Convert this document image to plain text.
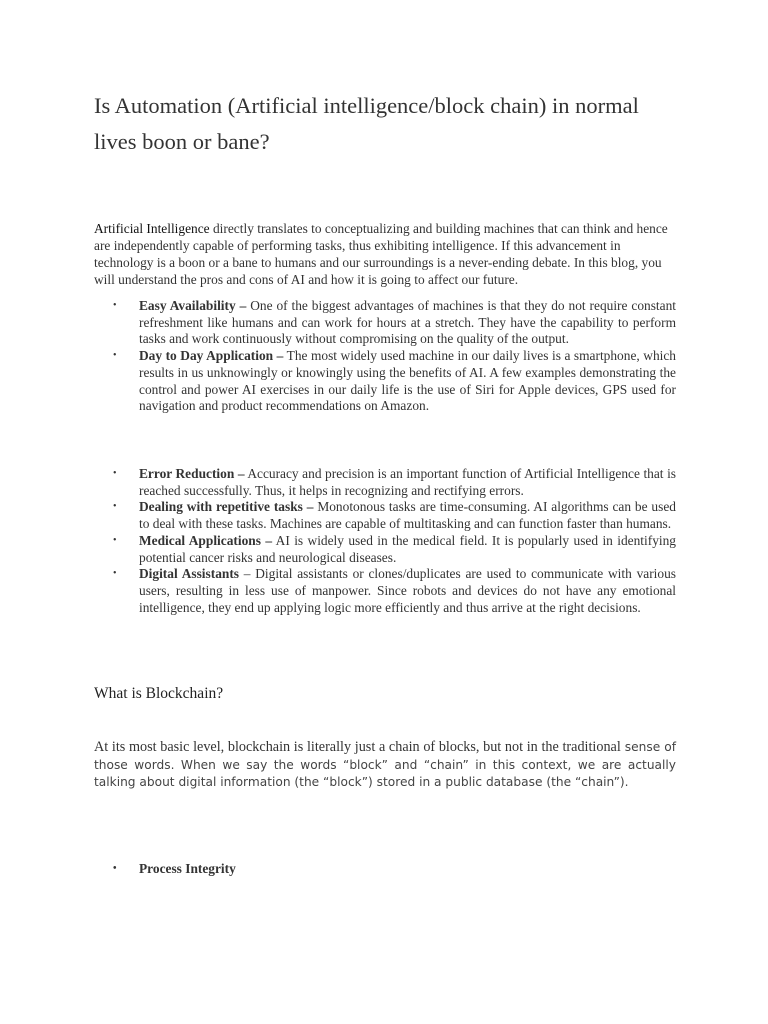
Is Automation (Artificial intelligence/block chain) in normal lives boon or bane?

Artificial Intelligence directly translates to conceptualizing and building machines that can think and hence are independently capable of performing tasks, thus exhibiting intelligence. If this advancement in technology is a boon or a bane to humans and our surroundings is a never-ending debate. In this blog, you will understand the pros and cons of AI and how it is going to affect our future.

• Easy Availability – One of the biggest advantages of machines is that they do not require constant refreshment like humans and can work for hours at a stretch. They have the capability to perform tasks and work continuously without compromising on the quality of the output.
• Day to Day Application – The most widely used machine in our daily lives is a smartphone, which results in us unknowingly or knowingly using the benefits of AI. A few examples demonstrating the control and power AI exercises in our daily life is the use of Siri for Apple devices, GPS used for navigation and product recommendations on Amazon.
• Error Reduction – Accuracy and precision is an important function of Artificial Intelligence that is reached successfully. Thus, it helps in recognizing and rectifying errors.
• Dealing with repetitive tasks – Monotonous tasks are time-consuming. AI algorithms can be used to deal with these tasks. Machines are capable of multitasking and can function faster than humans.
• Medical Applications – AI is widely used in the medical field. It is popularly used in identifying potential cancer risks and neurological diseases.
• Digital Assistants – Digital assistants or clones/duplicates are used to communicate with various users, resulting in less use of manpower. Since robots and devices do not have any emotional intelligence, they end up applying logic more efficiently and thus arrive at the right decisions.
What is Blockchain?

At its most basic level, blockchain is literally just a chain of blocks, but not in the traditional sense of those words. When we say the words “block” and “chain” in this context, we are actually talking about digital information (the “block”) stored in a public database (the “chain”).

• Process Integrity
